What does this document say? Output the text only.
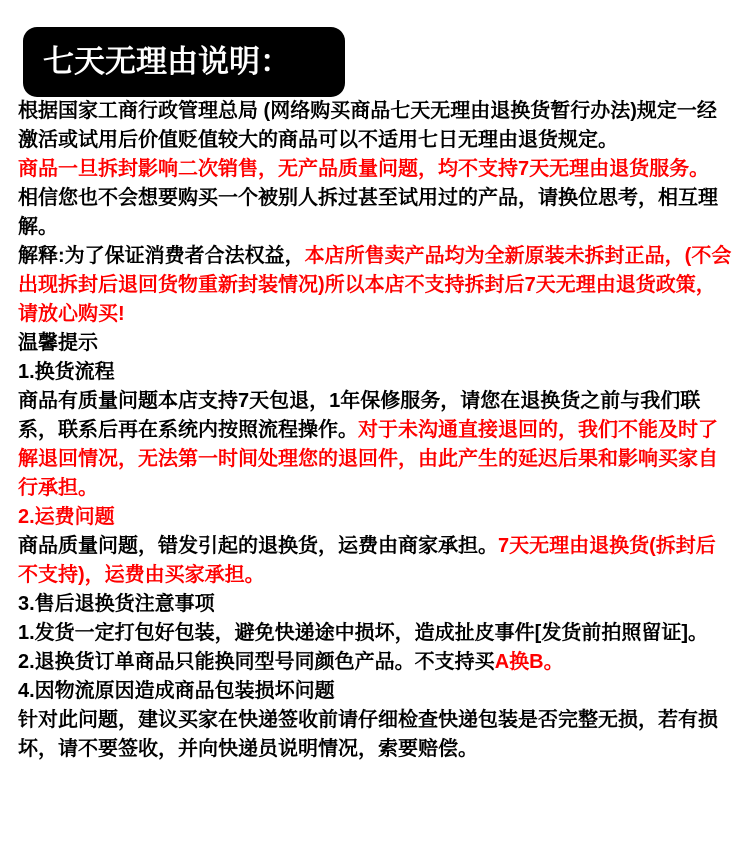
七天无理由说明：

根据国家工商行政管理总局 (网络购买商品七天无理由退换货暂行办法)规定一经激活或试用后价值贬值较大的商品可以不适用七日无理由退货规定。

商品一旦拆封影响二次销售，无产品质量问题，均不支持7天无理由退货服务。
相信您也不会想要购买一个被别人拆过甚至试用过的产品，请换位思考，相互理解。

解释:为了保证消费者合法权益，本店所售卖产品均为全新原装未拆封正品，(不会出现拆封后退回货物重新封装情况)所以本店不支持拆封后7天无理由退货政策，请放心购买!

温馨提示
1.换货流程
商品有质量问题本店支持7天包退，1年保修服务，请您在退换货之前与我们联系，联系后再在系统内按照流程操作。对于未沟通直接退回的，我们不能及时了解退回情况，无法第一时间处理您的退回件，由此产生的延迟后果和影响买家自行承担。

2.运费问题
商品质量问题，错发引起的退换货，运费由商家承担。7天无理由退换货(拆封后不支持)，运费由买家承担。

3.售后退换货注意事项
1.发货一定打包好包装，避免快递途中损坏，造成扯皮事件[发货前拍照留证]。
2.退换货订单商品只能换同型号同颜色产品。不支持买A换B。

4.因物流原因造成商品包装损坏问题
针对此问题，建议买家在快递签收前请仔细检查快递包装是否完整无损，若有损坏，请不要签收，并向快递员说明情况，索要赔偿。
